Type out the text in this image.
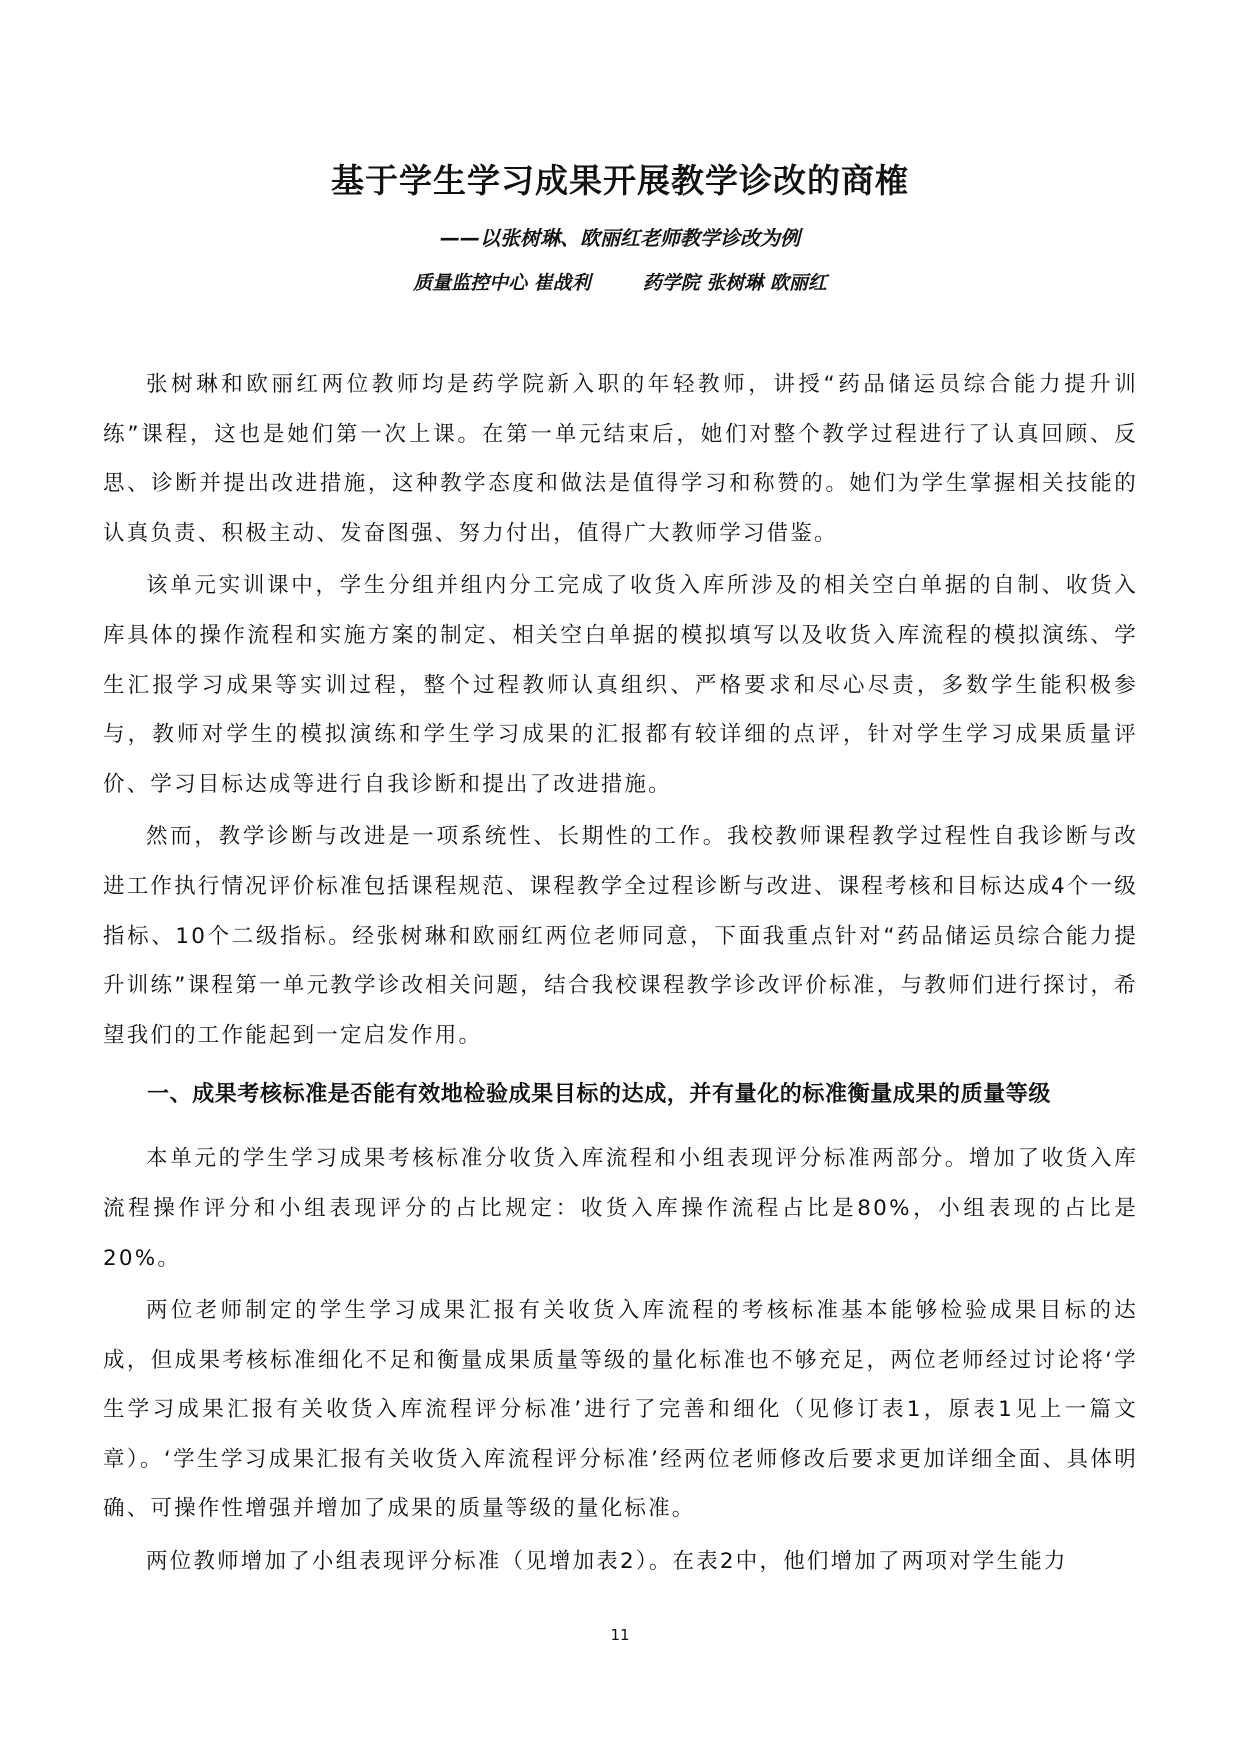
基于学生学习成果开展教学诊改的商榷
——以张树琳、欧丽红老师教学诊改为例
质量监控中心 崔战利	药学院 张树琳 欧丽红

张树琳和欧丽红两位教师均是药学院新入职的年轻教师，讲授“药品储运员综合能力提升训练”课程，这也是她们第一次上课。在第一单元结束后，她们对整个教学过程进行了认真回顾、反思、诊断并提出改进措施，这种教学态度和做法是值得学习和称赞的。她们为学生掌握相关技能的认真负责、积极主动、发奋图强、努力付出，值得广大教师学习借鉴。

该单元实训课中，学生分组并组内分工完成了收货入库所涉及的相关空白单据的自制、收货入库具体的操作流程和实施方案的制定、相关空白单据的模拟填写以及收货入库流程的模拟演练、学生汇报学习成果等实训过程，整个过程教师认真组织、严格要求和尽心尽责，多数学生能积极参与，教师对学生的模拟演练和学生学习成果的汇报都有较详细的点评，针对学生学习成果质量评价、学习目标达成等进行自我诊断和提出了改进措施。

然而，教学诊断与改进是一项系统性、长期性的工作。我校教师课程教学过程性自我诊断与改进工作执行情况评价标准包括课程规范、课程教学全过程诊断与改进、课程考核和目标达成4个一级指标、10个二级指标。经张树琳和欧丽红两位老师同意，下面我重点针对“药品储运员综合能力提升训练”课程第一单元教学诊改相关问题，结合我校课程教学诊改评价标准，与教师们进行探讨，希望我们的工作能起到一定启发作用。

一、成果考核标准是否能有效地检验成果目标的达成，并有量化的标准衡量成果的质量等级

本单元的学生学习成果考核标准分收货入库流程和小组表现评分标准两部分。增加了收货入库流程操作评分和小组表现评分的占比规定：收货入库操作流程占比是80%，小组表现的占比是20%。

两位老师制定的学生学习成果汇报有关收货入库流程的考核标准基本能够检验成果目标的达成，但成果考核标准细化不足和衡量成果质量等级的量化标准也不够充足，两位老师经过讨论将‘学生学习成果汇报有关收货入库流程评分标准’进行了完善和细化（见修订表1，原表1见上一篇文章）。‘学生学习成果汇报有关收货入库流程评分标准’经两位老师修改后要求更加详细全面、具体明确、可操作性增强并增加了成果的质量等级的量化标准。

两位教师增加了小组表现评分标准（见增加表2）。在表2中，他们增加了两项对学生能力

11
